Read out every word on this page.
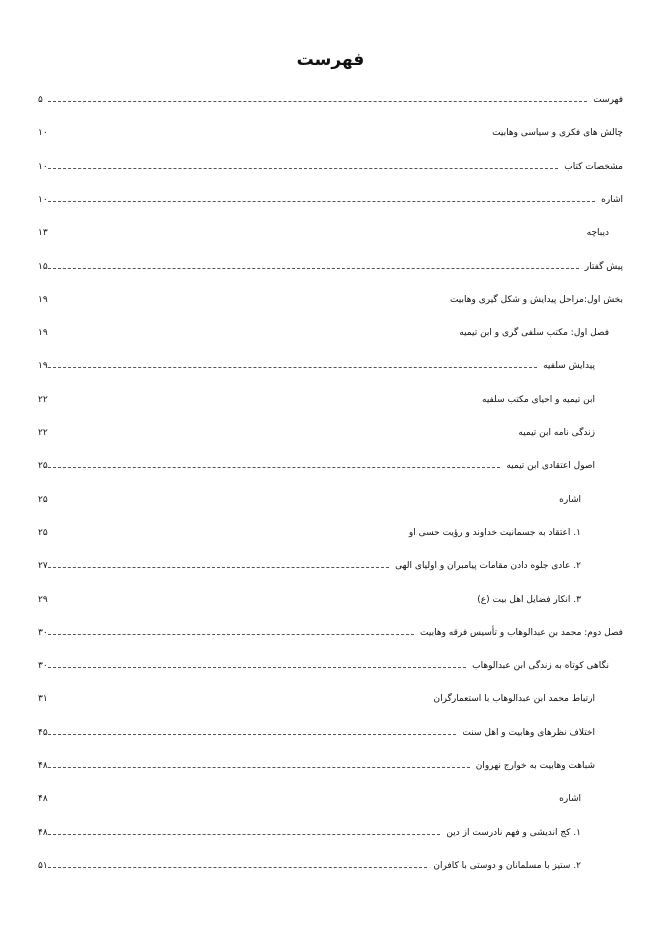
فهرست
۵	فهرست
۱۰	چالش های فکری و سیاسی وهابیت
۱۰	مشخصات کتاب
۱۰	اشاره
۱۳	دیباچه
۱۵	پیش گفتار
۱۹	بخش اول:مراحل پیدایش و شکل گیری وهابیت
۱۹	فصل اول: مکتب سلفی گری و ابن تیمیه
۱۹	پیدایش سلفیه
۲۲	ابن تیمیه و احیای مکتب سلفیه
۲۲	زندگی نامه ابن تیمیه
۲۵	اصول اعتقادی ابن تیمیه
۲۵	اشاره
۲۵	۱. اعتقاد به جسمانیت خداوند و رؤیت حسی او
۲۷	۲. عادی جلوه دادن مقامات پیامبران و اولیای الهی
۲۹	۳. انکار فضایل اهل بیت (ع)
۳۰	فصل دوم: محمد بن عبدالوهاب و تأسیس فرقه وهابیت
۳۰	نگاهی کوتاه به زندگی ابن عبدالوهاب
۳۱	ارتباط محمد ابن عبدالوهاب با استعمارگران
۴۵	اختلاف نظرهای وهابیت و اهل سنت
۴۸	شباهت وهابیت به خوارج نهروان
۴۸	اشاره
۴۸	۱. کج اندیشی و فهم نادرست از دین
۵۱	۲. ستیز با مسلمانان و دوستی با کافران
